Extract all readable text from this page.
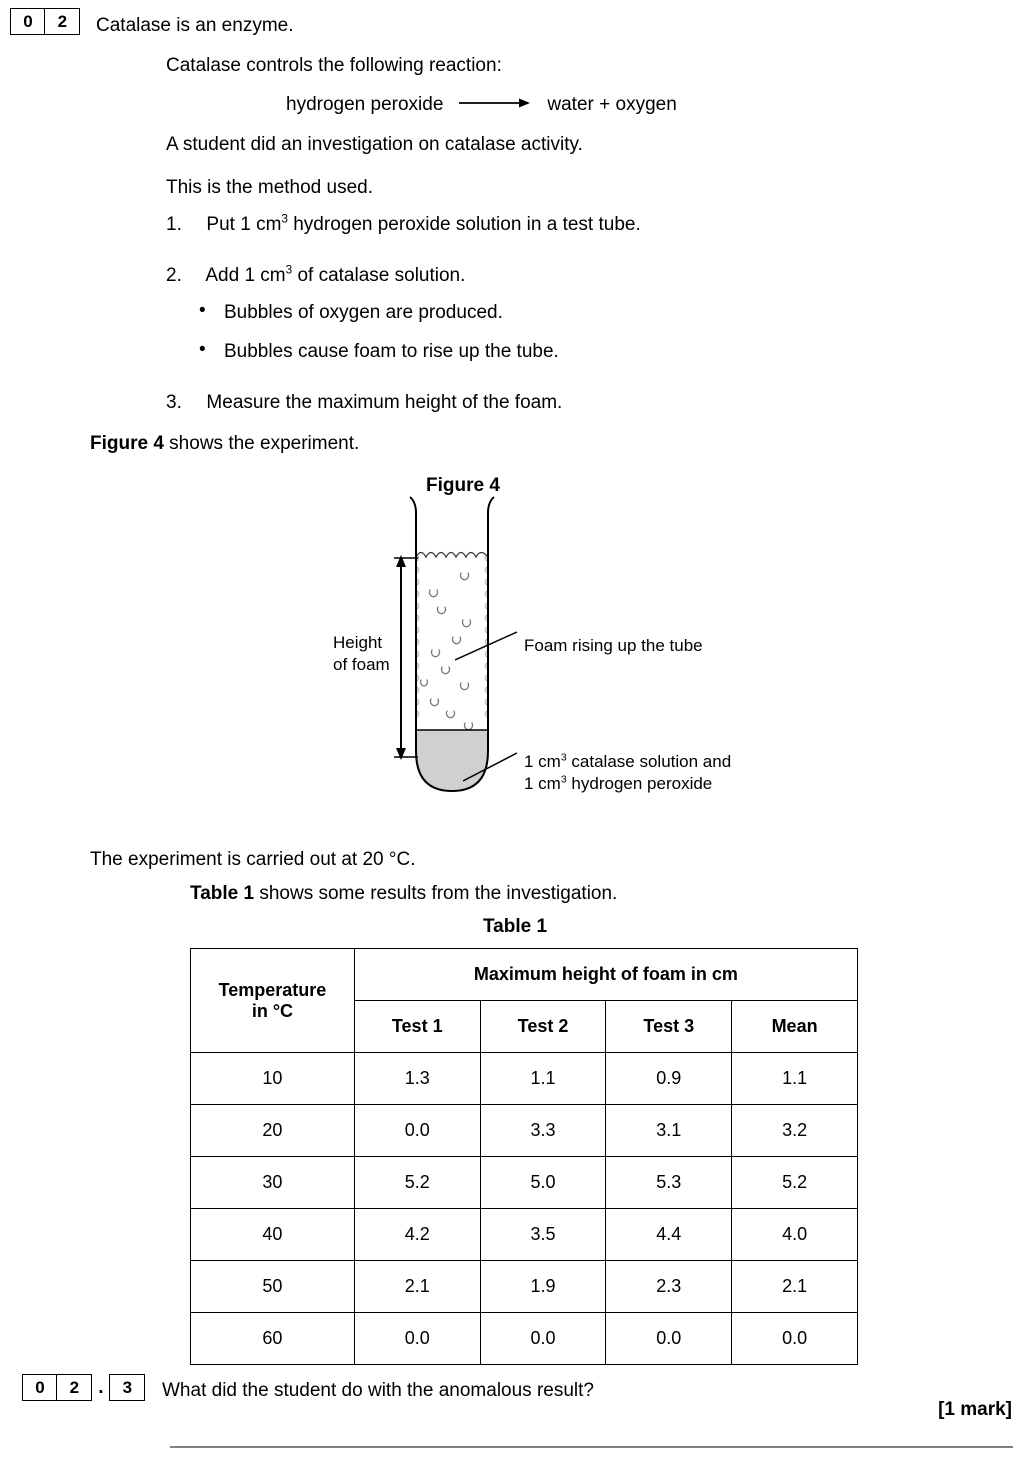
0	2	Catalase is an enzyme.
Catalase controls the following reaction:
hydrogen peroxide	water + oxygen
A student did an investigation on catalase activity.
This is the method used.
1. Put 1 $cm^3$ hydrogen peroxide solution in a test tube.
2. Add 1 $cm^3$ of catalase solution.
• Bubbles of oxygen are produced.
• Bubbles cause foam to rise up the tube.
3. Measure the maximum height of the foam.
Figure 4 shows the experiment.
Figure 4
Height
of foam
Foam rising up the tube
1 $cm^3$ catalase solution and
1 $cm^3$ hydrogen peroxide
The experiment is carried out at 20 °C.
Table 1 shows some results from the investigation.
Table 1
Temperature
in °C	Maximum height of foam in cm			
	Test 1	Test 2	Test 3	Mean
10	1.3	1.1	0.9	1.1
20	0.0	3.3	3.1	3.2
30	5.2	5.0	5.3	5.2
40	4.2	3.5	4.4	4.0
50	2.1	1.9	2.3	2.1
60	0.0	0.0	0.0	0.0
0	2	.	3	What did the student do with the anomalous result?
[1 mark]
